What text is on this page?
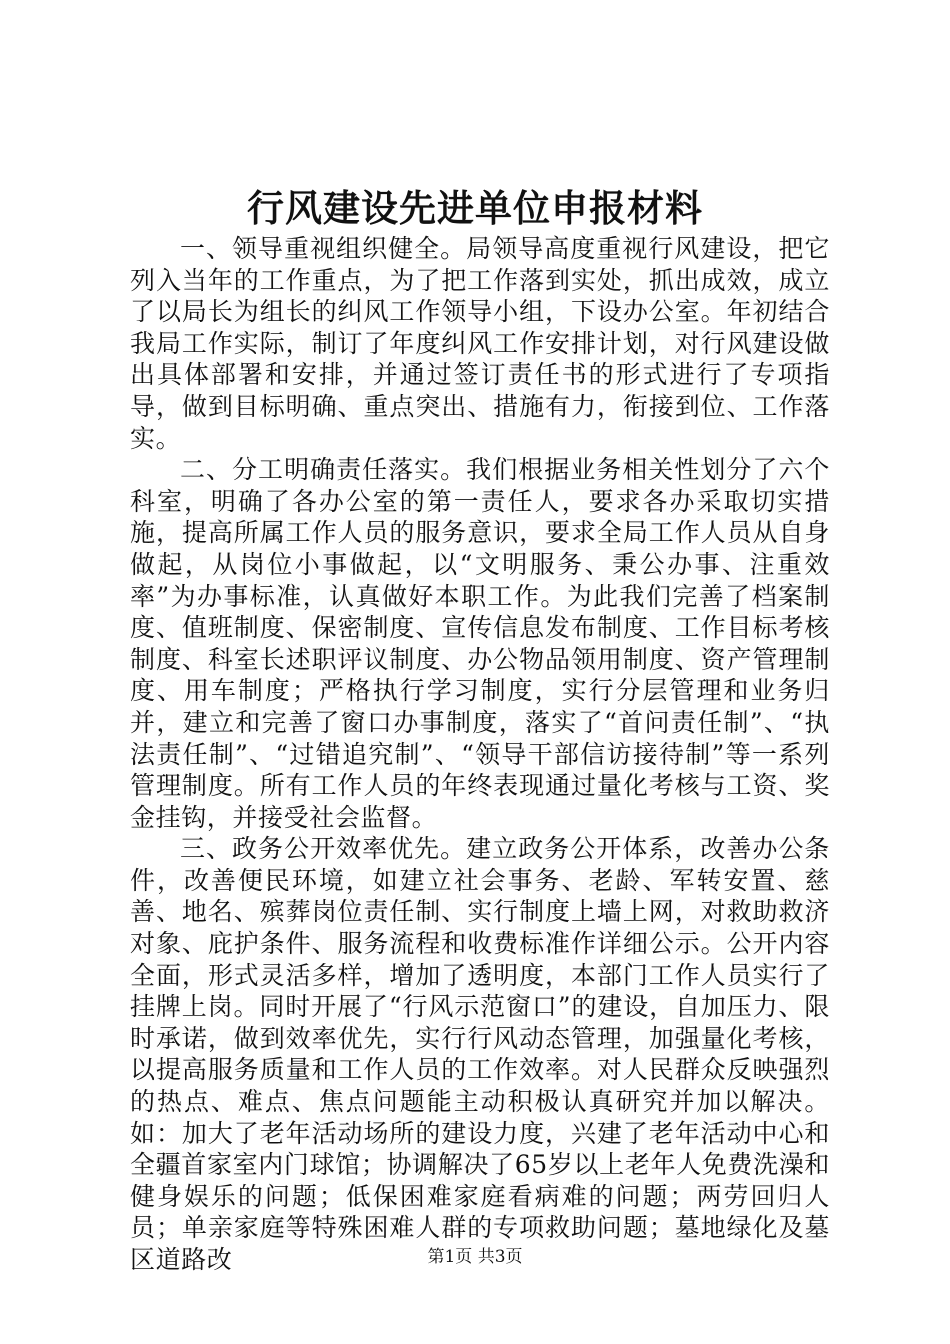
行风建设先进单位申报材料

一、领导重视组织健全。局领导高度重视行风建设，把它列入当年的工作重点，为了把工作落到实处，抓出成效，成立了以局长为组长的纠风工作领导小组，下设办公室。年初结合我局工作实际，制订了年度纠风工作安排计划，对行风建设做出具体部署和安排，并通过签订责任书的形式进行了专项指导，做到目标明确、重点突出、措施有力，衔接到位、工作落实。

二、分工明确责任落实。我们根据业务相关性划分了六个科室，明确了各办公室的第一责任人，要求各办采取切实措施，提高所属工作人员的服务意识，要求全局工作人员从自身做起，从岗位小事做起，以“文明服务、秉公办事、注重效率”为办事标准，认真做好本职工作。为此我们完善了档案制度、值班制度、保密制度、宣传信息发布制度、工作目标考核制度、科室长述职评议制度、办公物品领用制度、资产管理制度、用车制度；严格执行学习制度，实行分层管理和业务归并，建立和完善了窗口办事制度，落实了“首问责任制”、“执法责任制”、“过错追究制”、“领导干部信访接待制”等一系列管理制度。所有工作人员的年终表现通过量化考核与工资、奖金挂钩，并接受社会监督。

三、政务公开效率优先。建立政务公开体系，改善办公条件，改善便民环境，如建立社会事务、老龄、军转安置、慈善、地名、殡葬岗位责任制、实行制度上墙上网，对救助救济对象、庇护条件、服务流程和收费标准作详细公示。公开内容全面，形式灵活多样，增加了透明度，本部门工作人员实行了挂牌上岗。同时开展了“行风示范窗口”的建设，自加压力、限时承诺，做到效率优先，实行行风动态管理，加强量化考核，以提高服务质量和工作人员的工作效率。对人民群众反映强烈的热点、难点、焦点问题能主动积极认真研究并加以解决。如：加大了老年活动场所的建设力度，兴建了老年活动中心和全疆首家室内门球馆；协调解决了65岁以上老年人免费洗澡和健身娱乐的问题；低保困难家庭看病难的问题；两劳回归人员；单亲家庭等特殊困难人群的专项救助问题；墓地绿化及墓区道路改	第1页 共3页
